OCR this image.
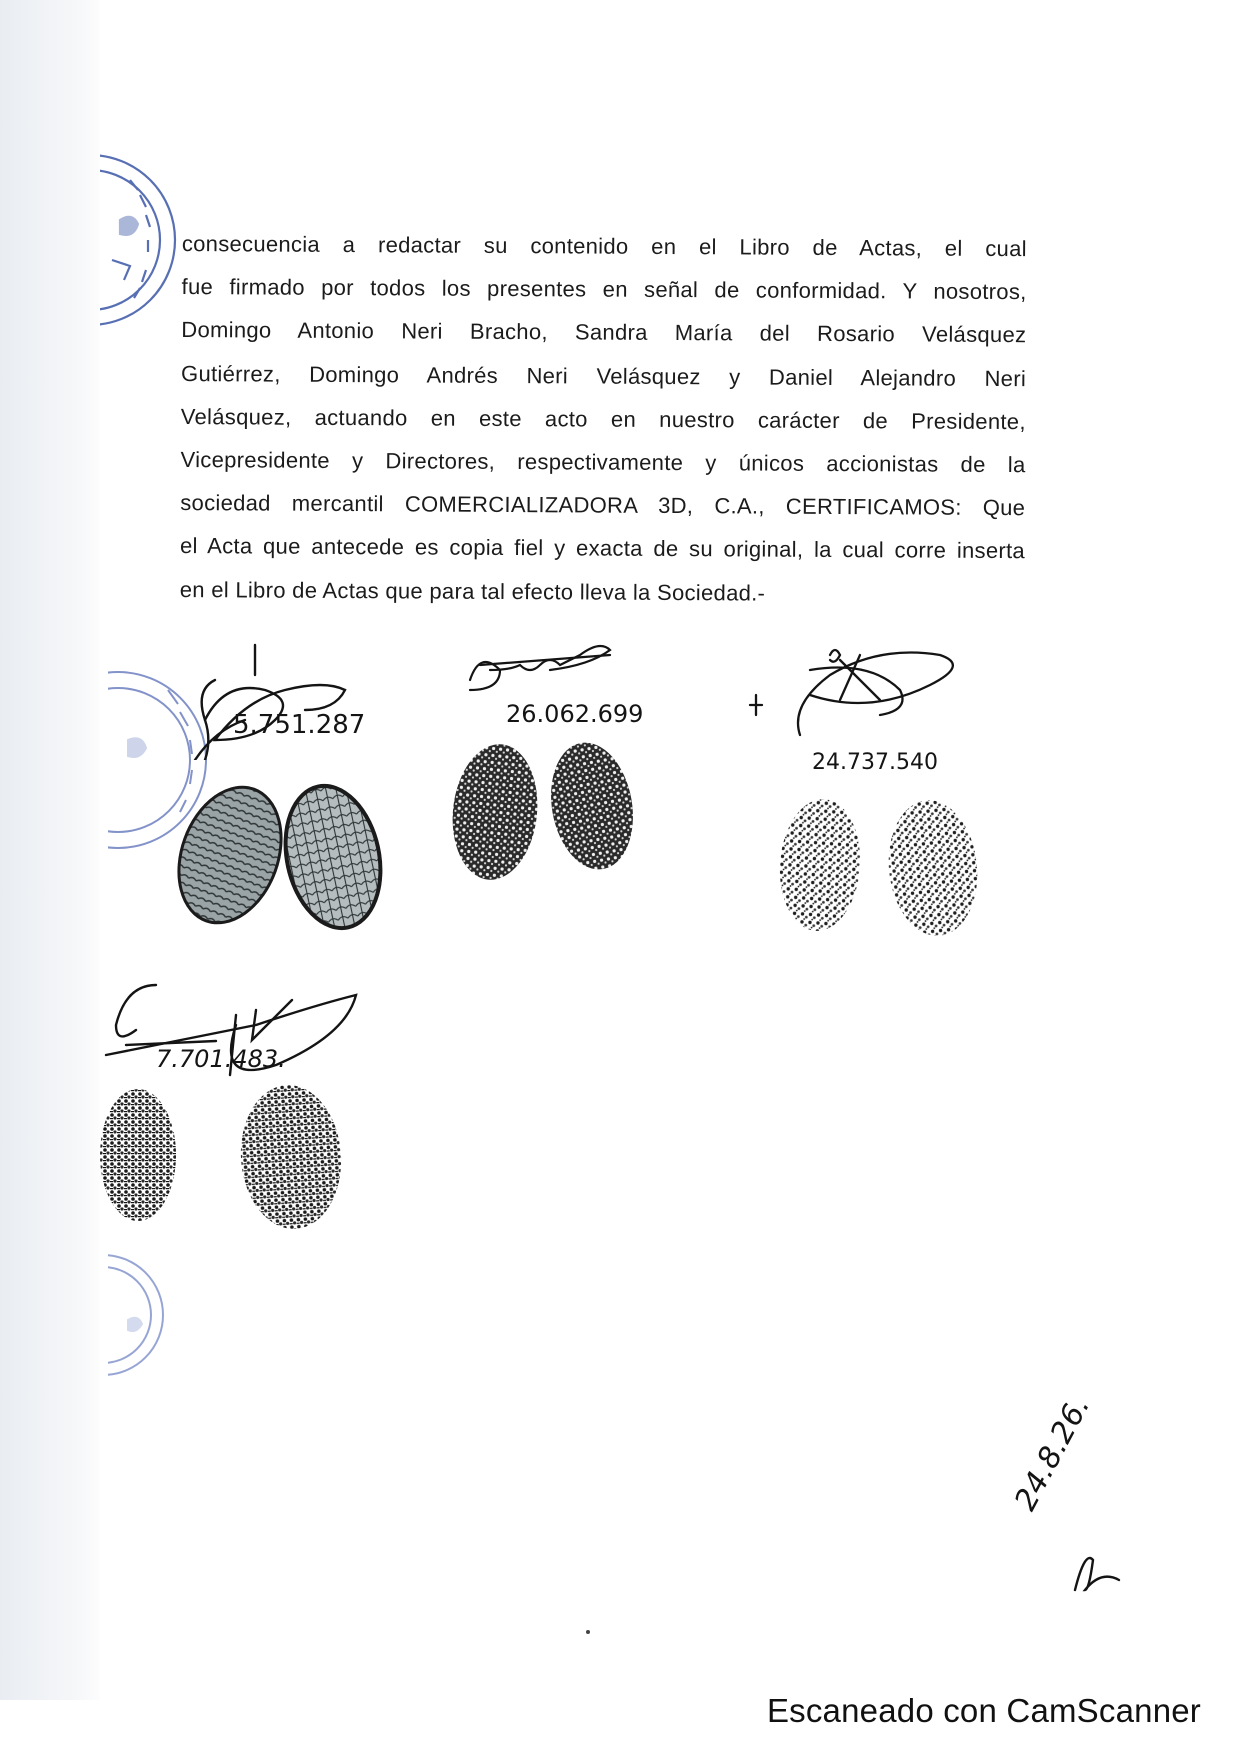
consecuencia a redactar su contenido en el Libro de Actas, el cual
fue firmado por todos los presentes en señal de conformidad. Y nosotros,
Domingo Antonio Neri Bracho, Sandra María del Rosario Velásquez
Gutiérrez, Domingo Andrés Neri Velásquez y Daniel Alejandro Neri
Velásquez, actuando en este acto en nuestro carácter de Presidente,
Vicepresidente y Directores, respectivamente y únicos accionistas de la
sociedad mercantil COMERCIALIZADORA 3D, C.A., CERTIFICAMOS: Que
el Acta que antecede es copia fiel y exacta de su original, la cual corre inserta
en el Libro de Actas que para tal efecto lleva la Sociedad.-
5.751.287	26.062.699
24.737.540
7.701.483.
24.8.26.
Escaneado con CamScanner
